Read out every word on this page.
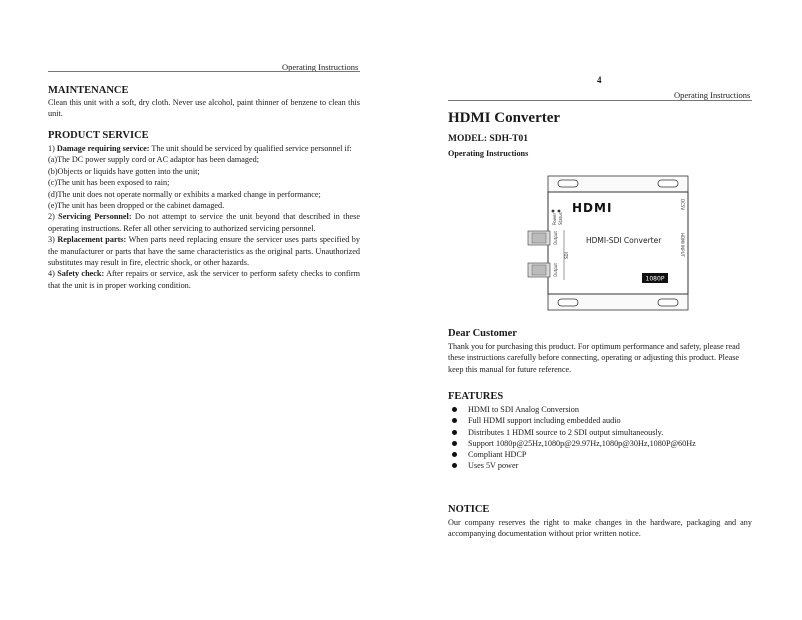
Operating Instructions
MAINTENANCE
Clean this unit with a soft, dry cloth. Never use alcohol, paint thinner of benzene to clean this unit.
PRODUCT SERVICE
1) Damage requiring service: The unit should be serviced by qualified service personnel if:
(a)The DC power supply cord or AC adaptor has been damaged;
(b)Objects or liquids have gotten into the unit;
(c)The unit has been exposed to rain;
(d)The unit does not operate normally or exhibits a marked change in performance;
(e)The unit has been dropped or the cabinet damaged.
2) Servicing Personnel: Do not attempt to service the unit beyond that described in these operating instructions. Refer all other servicing to authorized servicing personnel.
3) Replacement parts: When parts need replacing ensure the servicer uses parts specified by the manufacturer or parts that have the same characteristics as the original parts. Unauthorized substitutes may result in fire, electric shock, or other hazards.
4) Safety check: After repairs or service, ask the servicer to perform safety checks to confirm that the unit is in proper working condition.
4
Operating Instructions
HDMI Converter
MODEL: SDH-T01
Operating Instructions
HDMI
HDMI-SDI Converter
Power Status
Output
SDI
Output
DC5V
HDMI INPUT
1080P
Dear Customer
Thank you for purchasing this product. For optimum performance and safety, please read these instructions carefully before connecting, operating or adjusting this product. Please keep this manual for future reference.
FEATURES
HDMI to SDI Analog Conversion
Full HDMI support including embedded audio
Distributes 1 HDMI source to 2 SDI output simultaneously.
Support 1080p@25Hz,1080p@29.97Hz,1080p@30Hz,1080P@60Hz
Compliant HDCP
Uses 5V power
NOTICE
Our company reserves the right to make changes in the hardware, packaging and any accompanying documentation without prior written notice.
